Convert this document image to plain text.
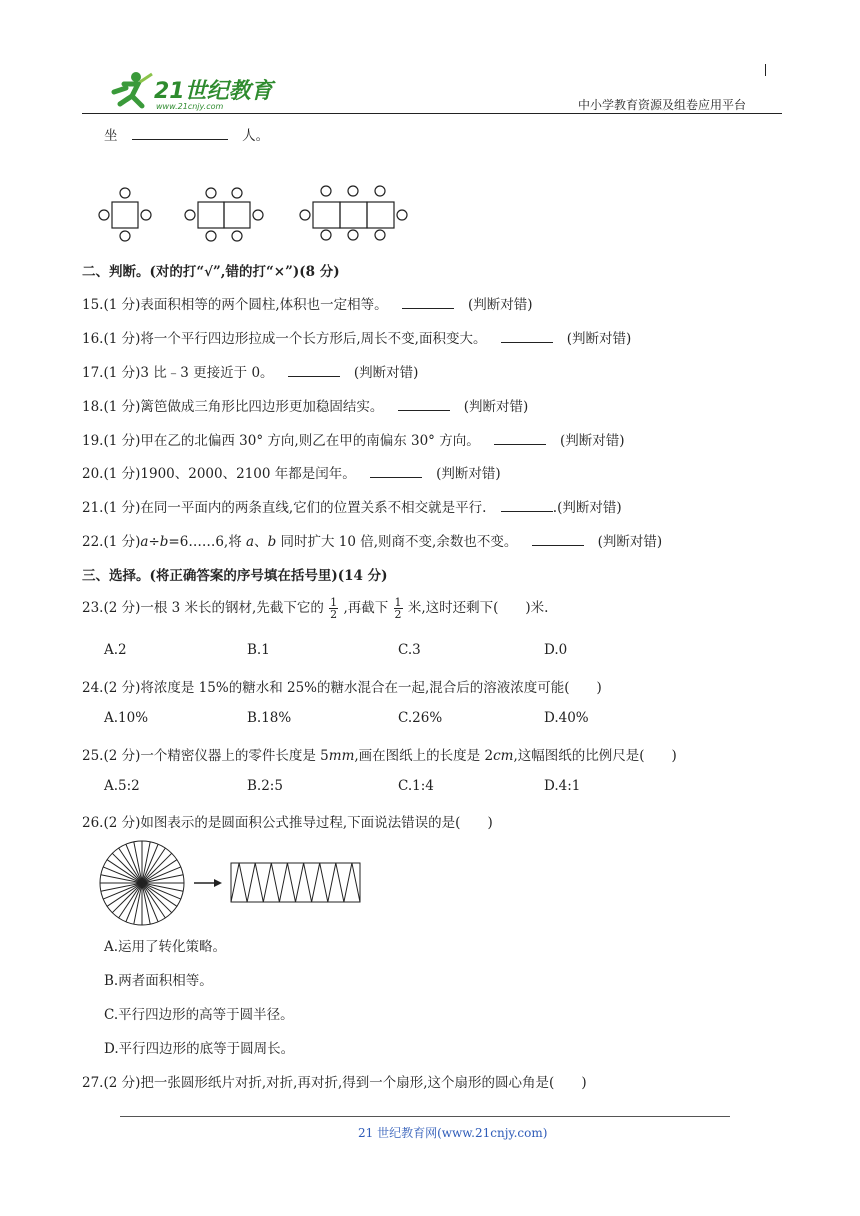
21世纪教育
www.21cnjy.com	中小学教育资源及组卷应用平台
坐	人。
二、判断。(对的打“√”,错的打“×”)(8 分)
15.(1 分)表面积相等的两个圆柱,体积也一定相等。	(判断对错)
16.(1 分)将一个平行四边形拉成一个长方形后,周长不变,面积变大。	(判断对错)
17.(1 分)3 比﹣3 更接近于 0。	(判断对错)
18.(1 分)篱笆做成三角形比四边形更加稳固结实。	(判断对错)
19.(1 分)甲在乙的北偏西 30° 方向,则乙在甲的南偏东 30° 方向。	(判断对错)
20.(1 分)1900、2000、2100 年都是闰年。	(判断对错)
21.(1 分)在同一平面内的两条直线,它们的位置关系不相交就是平行.	.(判断对错)
22.(1 分)a÷b=6……6,将 a、b 同时扩大 10 倍,则商不变,余数也不变。	(判断对错)
三、选择。(将正确答案的序号填在括号里)(14 分)
23.(2 分)一根 3 米长的钢材,先截下它的 $\frac{1}{2}$ ,再截下 $\frac{1}{2}$ 米,这时还剩下(　　)米.
A.2	B.1	C.3	D.0
24.(2 分)将浓度是 15%的糖水和 25%的糖水混合在一起,混合后的溶液浓度可能(　　)
A.10%	B.18%	C.26%	D.40%
25.(2 分)一个精密仪器上的零件长度是 5mm,画在图纸上的长度是 2cm,这幅图纸的比例尺是(　　)
A.5:2	B.2:5	C.1:4	D.4:1
26.(2 分)如图表示的是圆面积公式推导过程,下面说法错误的是(　　)
A.运用了转化策略。
B.两者面积相等。
C.平行四边形的高等于圆半径。
D.平行四边形的底等于圆周长。
27.(2 分)把一张圆形纸片对折,对折,再对折,得到一个扇形,这个扇形的圆心角是(　　)
21 世纪教育网(www.21cnjy.com)
